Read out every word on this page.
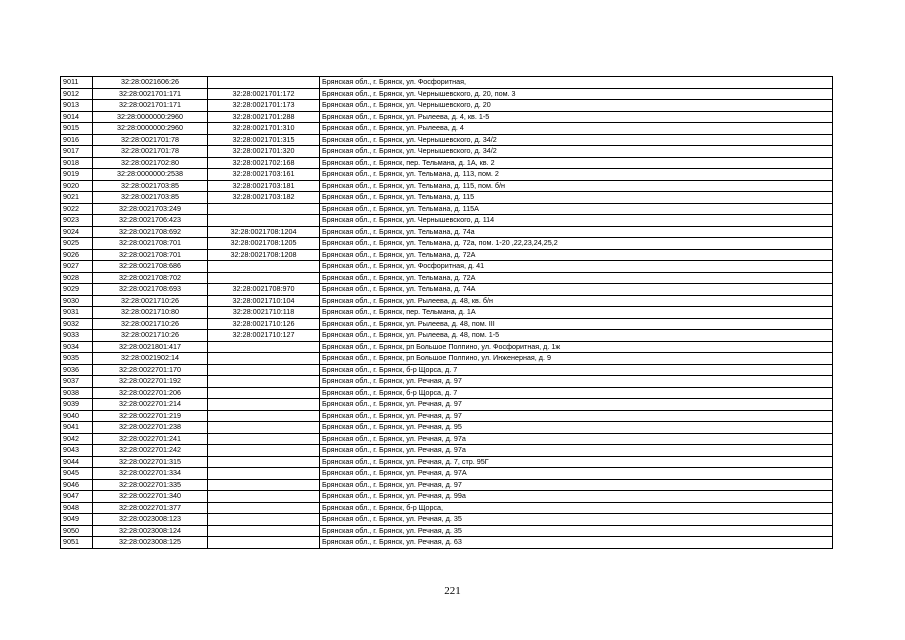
9011	32:28:0021606:26		Брянская обл., г. Брянск, ул. Фосфоритная,
9012	32:28:0021701:171	32:28:0021701:172	Брянская обл., г. Брянск, ул. Чернышевского, д. 20, пом. 3
9013	32:28:0021701:171	32:28:0021701:173	Брянская обл., г. Брянск, ул. Чернышевского, д. 20
9014	32:28:0000000:2960	32:28:0021701:288	Брянская обл., г. Брянск, ул. Рылеева, д. 4, кв. 1-5
9015	32:28:0000000:2960	32:28:0021701:310	Брянская обл., г. Брянск, ул. Рылеева, д. 4
9016	32:28:0021701:78	32:28:0021701:315	Брянская обл., г. Брянск, ул. Чернышевского, д. 34/2
9017	32:28:0021701:78	32:28:0021701:320	Брянская обл., г. Брянск, ул. Чернышевского, д. 34/2
9018	32:28:0021702:80	32:28:0021702:168	Брянская обл., г. Брянск, пер. Тельмана, д. 1А, кв. 2
9019	32:28:0000000:2538	32:28:0021703:161	Брянская обл., г. Брянск, ул. Тельмана, д. 113, пом. 2
9020	32:28:0021703:85	32:28:0021703:181	Брянская обл., г. Брянск, ул. Тельмана, д. 115, пом. б/н
9021	32:28:0021703:85	32:28:0021703:182	Брянская обл., г. Брянск, ул. Тельмана, д. 115
9022	32:28:0021703:249		Брянская обл., г. Брянск, ул. Тельмана, д. 115А
9023	32:28:0021706:423		Брянская обл., г. Брянск, ул. Чернышевского, д. 114
9024	32:28:0021708:692	32:28:0021708:1204	Брянская обл., г. Брянск, ул. Тельмана, д. 74а
9025	32:28:0021708:701	32:28:0021708:1205	Брянская обл., г. Брянск, ул. Тельмана, д. 72а, пом. 1-20 ,22,23,24,25,2
9026	32:28:0021708:701	32:28:0021708:1208	Брянская обл., г. Брянск, ул. Тельмана, д. 72А
9027	32:28:0021708:686		Брянская обл., г. Брянск, ул. Фосфоритная, д. 41
9028	32:28:0021708:702		Брянская обл., г. Брянск, ул. Тельмана, д. 72А
9029	32:28:0021708:693	32:28:0021708:970	Брянская обл., г. Брянск, ул. Тельмана, д. 74А
9030	32:28:0021710:26	32:28:0021710:104	Брянская обл., г. Брянск, ул. Рылеева, д. 48, кв. б/н
9031	32:28:0021710:80	32:28:0021710:118	Брянская обл., г. Брянск, пер. Тельмана, д. 1А
9032	32:28:0021710:26	32:28:0021710:126	Брянская обл., г. Брянск, ул. Рылеева, д. 48, пом. III
9033	32:28:0021710:26	32:28:0021710:127	Брянская обл., г. Брянск, ул. Рылеева, д. 48, пом. 1-5
9034	32:28:0021801:417		Брянская обл., г. Брянск, рп Большое Полпино, ул. Фосфоритная, д. 1ж
9035	32:28:0021902:14		Брянская обл., г. Брянск, рп Большое Полпино, ул. Инженерная, д. 9
9036	32:28:0022701:170		Брянская обл., г. Брянск, б-р Щорса, д. 7
9037	32:28:0022701:192		Брянская обл., г. Брянск, ул. Речная, д. 97
9038	32:28:0022701:206		Брянская обл., г. Брянск, б-р Щорса, д. 7
9039	32:28:0022701:214		Брянская обл., г. Брянск, ул. Речная, д. 97
9040	32:28:0022701:219		Брянская обл., г. Брянск, ул. Речная, д. 97
9041	32:28:0022701:238		Брянская обл., г. Брянск, ул. Речная, д. 95
9042	32:28:0022701:241		Брянская обл., г. Брянск, ул. Речная, д. 97а
9043	32:28:0022701:242		Брянская обл., г. Брянск, ул. Речная, д. 97а
9044	32:28:0022701:315		Брянская обл., г. Брянск, ул. Речная, д. 7, стр. 95Г
9045	32:28:0022701:334		Брянская обл., г. Брянск, ул. Речная, д. 97А
9046	32:28:0022701:335		Брянская обл., г. Брянск, ул. Речная, д. 97
9047	32:28:0022701:340		Брянская обл., г. Брянск, ул. Речная, д. 99а
9048	32:28:0022701:377		Брянская обл., г. Брянск, б-р Щорса,
9049	32:28:0023008:123		Брянская обл., г. Брянск, ул. Речная, д. 35
9050	32:28:0023008:124		Брянская обл., г. Брянск, ул. Речная, д. 35
9051	32:28:0023008:125		Брянская обл., г. Брянск, ул. Речная, д. 63
221
